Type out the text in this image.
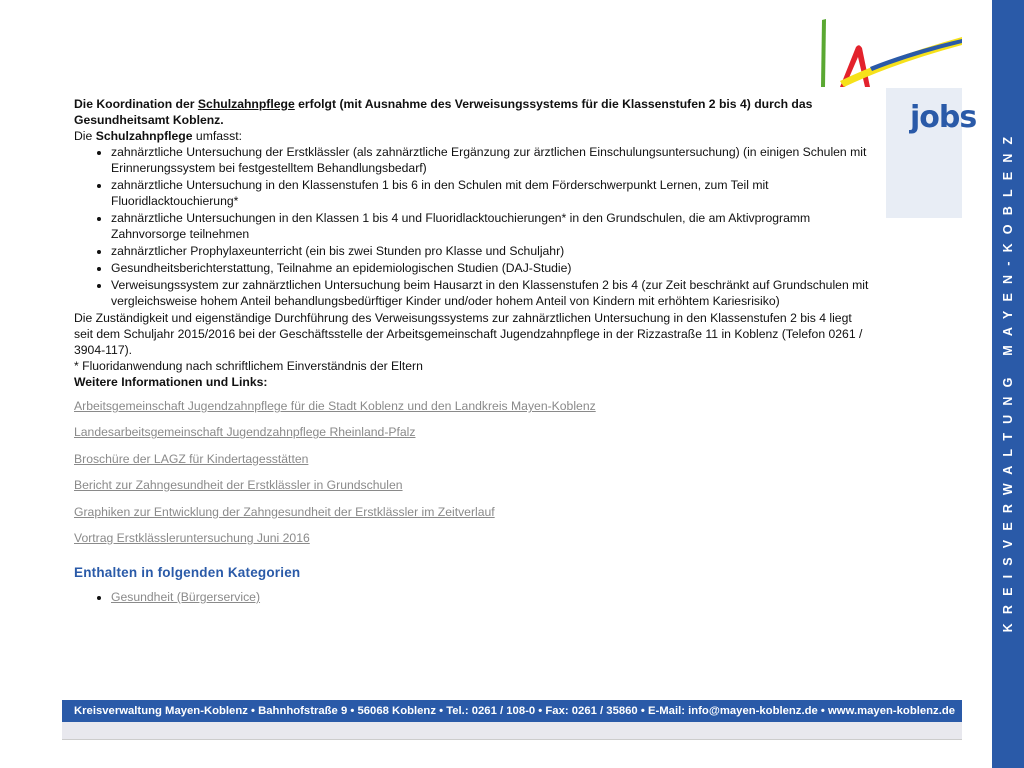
Die Koordination der Schulzahnpflege erfolgt (mit Ausnahme des Verweisungssystems für die Klassenstufen 2 bis 4) durch das Gesundheitsamt Koblenz.

Die Schulzahnpflege umfasst:

• zahnärztliche Untersuchung der Erstklässler (als zahnärztliche Ergänzung zur ärztlichen Einschulungsuntersuchung) (in einigen Schulen mit Erinnerungssystem bei festgestelltem Behandlungsbedarf)
• zahnärztliche Untersuchung in den Klassenstufen 1 bis 6 in den Schulen mit dem Förderschwerpunkt Lernen, zum Teil mit Fluoridlacktouchierung*
• zahnärztliche Untersuchungen in den Klassen 1 bis 4 und Fluoridlacktouchierungen* in den Grundschulen, die am Aktivprogramm Zahnvorsorge teilnehmen
• zahnärztlicher Prophylaxeunterricht (ein bis zwei Stunden pro Klasse und Schuljahr)
• Gesundheitsberichterstattung, Teilnahme an epidemiologischen Studien (DAJ-Studie)
• Verweisungssystem zur zahnärztlichen Untersuchung beim Hausarzt in den Klassenstufen 2 bis 4 (zur Zeit beschränkt auf Grundschulen mit vergleichsweise hohem Anteil behandlungsbedürftiger Kinder und/oder hohem Anteil von Kindern mit erhöhtem Kariesrisiko)

Die Zuständigkeit und eigenständige Durchführung des Verweisungssystems zur zahnärztlichen Untersuchung in den Klassenstufen 2 bis 4 liegt seit dem Schuljahr 2015/2016 bei der Geschäftsstelle der Arbeitsgemeinschaft Jugendzahnpflege in der Rizzastraße 11 in Koblenz (Telefon 0261 / 3904-117).

* Fluoridanwendung nach schriftlichem Einverständnis der Eltern

Weitere Informationen und Links:

Arbeitsgemeinschaft Jugendzahnpflege für die Stadt Koblenz und den Landkreis Mayen-Koblenz
Landesarbeitsgemeinschaft Jugendzahnpflege Rheinland-Pfalz
Broschüre der LAGZ für Kindertagesstätten
Bericht zur Zahngesundheit der Erstklässler in Grundschulen
Graphiken zur Entwicklung der Zahngesundheit der Erstklässler im Zeitverlauf
Vortrag Erstklässleruntersuchung Juni 2016
Enthalten in folgenden Kategorien
• Gesundheit (Bürgerservice)
Kreisverwaltung Mayen-Koblenz • Bahnhofstraße 9 • 56068 Koblenz • Tel.: 0261 / 108-0 • Fax: 0261 / 35860 • E-Mail: info@mayen-koblenz.de • www.mayen-koblenz.de
jobs
KREISVERWALTUNG MAYEN-KOBLENZ
